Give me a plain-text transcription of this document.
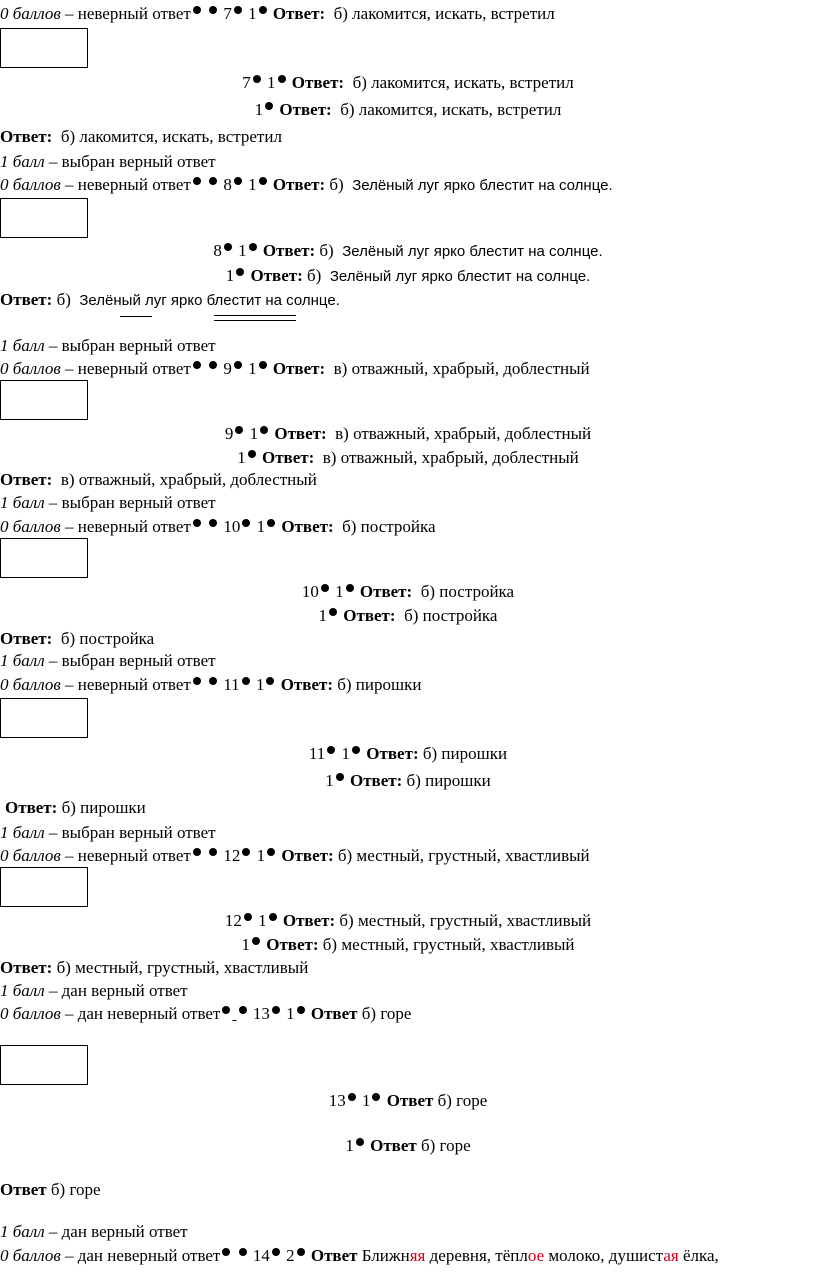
0 баллов – неверный ответ 7 1 Ответ: б) лакомится, искать, встретил
7 1 Ответ: б) лакомится, искать, встретил
1 Ответ: б) лакомится, искать, встретил
Ответ: б) лакомится, искать, встретил
1 балл – выбран верный ответ
0 баллов – неверный ответ 8 1 Ответ: б) Зелёный луг ярко блестит на солнце.
8 1 Ответ: б) Зелёный луг ярко блестит на солнце.
1 Ответ: б) Зелёный луг ярко блестит на солнце.
Ответ: б) Зелёный луг ярко блестит на солнце.
1 балл – выбран верный ответ
0 баллов – неверный ответ 9 1 Ответ: в) отважный, храбрый, доблестный
9 1 Ответ: в) отважный, храбрый, доблестный
1 Ответ: в) отважный, храбрый, доблестный
Ответ: в) отважный, храбрый, доблестный
1 балл – выбран верный ответ
0 баллов – неверный ответ 10 1 Ответ: б) постройка
10 1 Ответ: б) постройка
1 Ответ: б) постройка
Ответ: б) постройка
1 балл – выбран верный ответ
0 баллов – неверный ответ 11 1 Ответ: б) пирошки
11 1 Ответ: б) пирошки
1 Ответ: б) пирошки
Ответ: б) пирошки
1 балл – выбран верный ответ
0 баллов – неверный ответ 12 1 Ответ: б) местный, грустный, хвастливый
12 1 Ответ: б) местный, грустный, хвастливый
1 Ответ: б) местный, грустный, хвастливый
Ответ: б) местный, грустный, хвастливый
1 балл – дан верный ответ
0 баллов – дан неверный ответ 13 1 Ответ б) горе
13 1 Ответ б) горе
1 Ответ б) горе
Ответ б) горе
1 балл – дан верный ответ
0 баллов – дан неверный ответ 14 2 Ответ Ближняя деревня, тёплое молоко, душистая ёлка,
